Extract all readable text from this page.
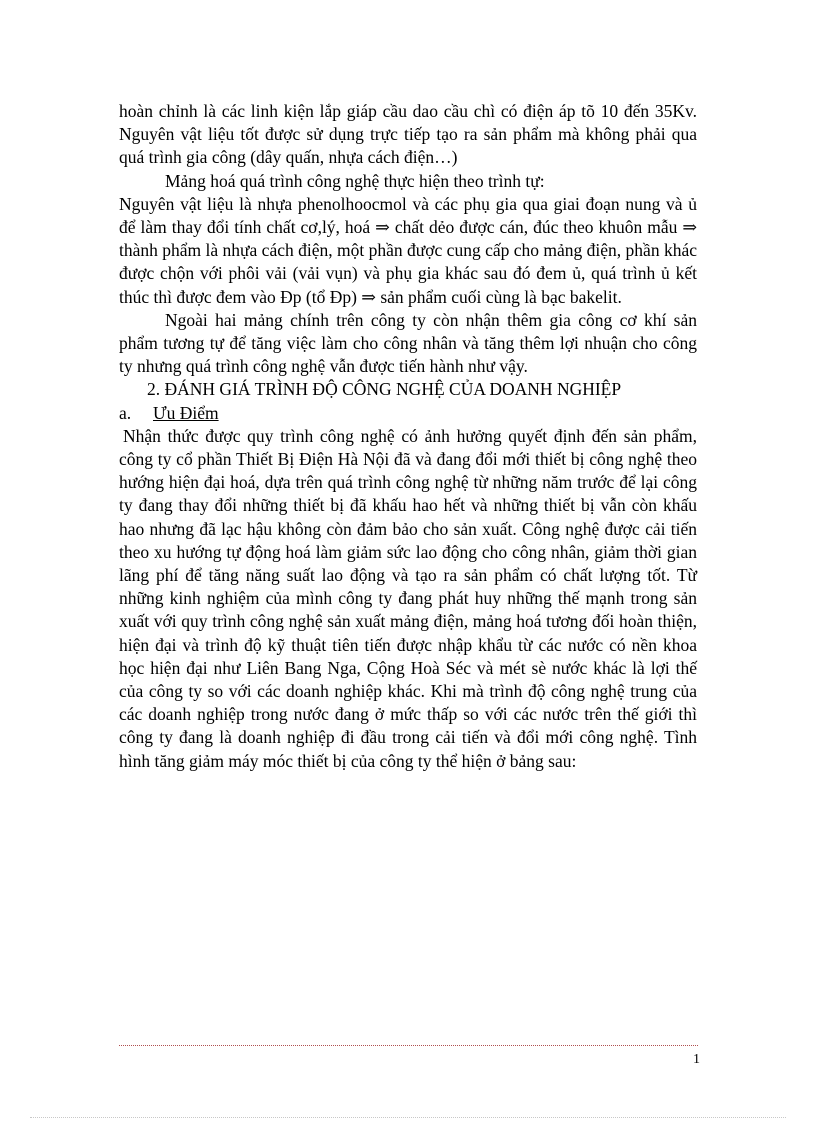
hoàn chỉnh là các linh kiện lắp giáp cầu dao cầu chì có điện áp tõ 10 đến 35Kv. Nguyên vật liệu tốt được sử dụng trực tiếp tạo ra sản phẩm mà không phải qua quá trình gia công (dây quấn, nhựa cách điện…)

Mảng hoá quá trình công nghệ thực hiện theo trình tự:

Nguyên vật liệu là nhựa phenolhoocmol và các phụ gia qua giai đoạn nung và ủ để làm thay đổi tính chất cơ,lý, hoá ⇒ chất dẻo được cán, đúc theo khuôn mẫu ⇒ thành phẩm là nhựa cách điện, một phần được cung cấp cho mảng điện, phần khác được chộn với phôi vải (vải vụn) và phụ gia khác sau đó đem ủ, quá trình ủ kết thúc thì được đem vào Đp (tổ Đp) ⇒ sản phẩm cuối cùng là bạc bakelit.

Ngoài hai mảng chính trên công ty còn nhận thêm gia công cơ khí sản phẩm tương tự để tăng việc làm cho công nhân và tăng thêm lợi nhuận cho công ty nhưng quá trình công nghệ vẫn được tiến hành như vậy.

2. ĐÁNH GIÁ TRÌNH ĐỘ CÔNG NGHỆ CỦA DOANH NGHIỆP

a.	Ưu Điểm

Nhận thức được quy trình công nghệ có ảnh hưởng quyết định đến sản phẩm, công ty cổ phần Thiết Bị Điện Hà Nội đã và đang đổi mới thiết bị công nghệ theo hướng hiện đại hoá, dựa trên quá trình công nghệ từ những năm trước để lại công ty đang thay đổi những thiết bị đã khấu hao hết và những thiết bị vẫn còn khấu hao nhưng đã lạc hậu không còn đảm bảo cho sản xuất. Công nghệ được cải tiến theo xu hướng tự động hoá làm giảm sức lao động cho công nhân, giảm thời gian lãng phí để tăng năng suất lao động và tạo ra sản phẩm có chất lượng tốt. Từ những kinh nghiệm của mình công ty đang phát huy những thế mạnh trong sản xuất với quy trình công nghệ sản xuất mảng điện, mảng hoá tương đối hoàn thiện, hiện đại và trình độ kỹ thuật tiên tiến được nhập khẩu từ các nước có nền khoa học hiện đại như Liên Bang Nga, Cộng Hoà Séc và mét sè nước khác là lợi thế của công ty so với các doanh nghiệp khác. Khi mà trình độ công nghệ trung của các doanh nghiệp trong nước đang ở mức thấp so với các nước trên thế giới thì công ty đang là doanh nghiệp đi đầu trong cải tiến và đổi mới công nghệ. Tình hình tăng giảm máy móc thiết bị của công ty thể hiện ở bảng sau:

1
